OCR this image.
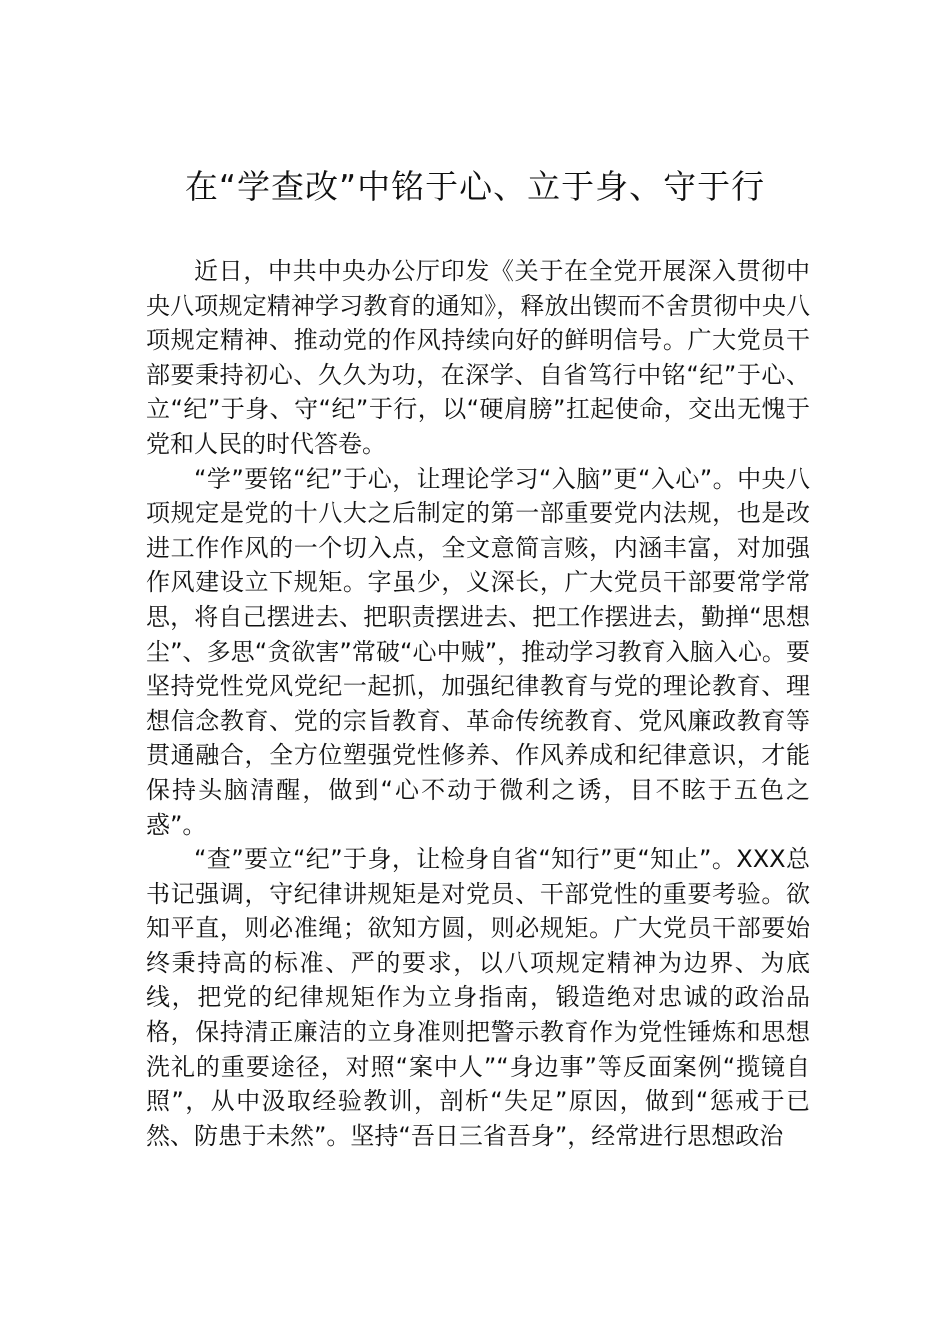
在“学查改”中铭于心、立于身、守于行

近日，中共中央办公厅印发《关于在全党开展深入贯彻中央八项规定精神学习教育的通知》，释放出锲而不舍贯彻中央八项规定精神、推动党的作风持续向好的鲜明信号。广大党员干部要秉持初心、久久为功，在深学、自省笃行中铭“纪”于心、立“纪”于身、守“纪”于行，以“硬肩膀”扛起使命，交出无愧于党和人民的时代答卷。

“学”要铭“纪”于心，让理论学习“入脑”更“入心”。中央八项规定是党的十八大之后制定的第一部重要党内法规，也是改进工作作风的一个切入点，全文意简言赅，内涵丰富，对加强作风建设立下规矩。字虽少，义深长，广大党员干部要常学常思，将自己摆进去、把职责摆进去、把工作摆进去，勤掸“思想尘”、多思“贪欲害”常破“心中贼”，推动学习教育入脑入心。要坚持党性党风党纪一起抓，加强纪律教育与党的理论教育、理想信念教育、党的宗旨教育、革命传统教育、党风廉政教育等贯通融合，全方位塑强党性修养、作风养成和纪律意识，才能保持头脑清醒，做到“心不动于微利之诱，目不眩于五色之惑”。

“查”要立“纪”于身，让检身自省“知行”更“知止”。XXX总书记强调，守纪律讲规矩是对党员、干部党性的重要考验。欲知平直，则必准绳；欲知方圆，则必规矩。广大党员干部要始终秉持高的标准、严的要求，以八项规定精神为边界、为底线，把党的纪律规矩作为立身指南，锻造绝对忠诚的政治品格，保持清正廉洁的立身准则把警示教育作为党性锤炼和思想洗礼的重要途径，对照“案中人”“身边事”等反面案例“揽镜自照”，从中汲取经验教训，剖析“失足”原因，做到“惩戒于已然、防患于未然”。坚持“吾日三省吾身”，经常进行思想政治
